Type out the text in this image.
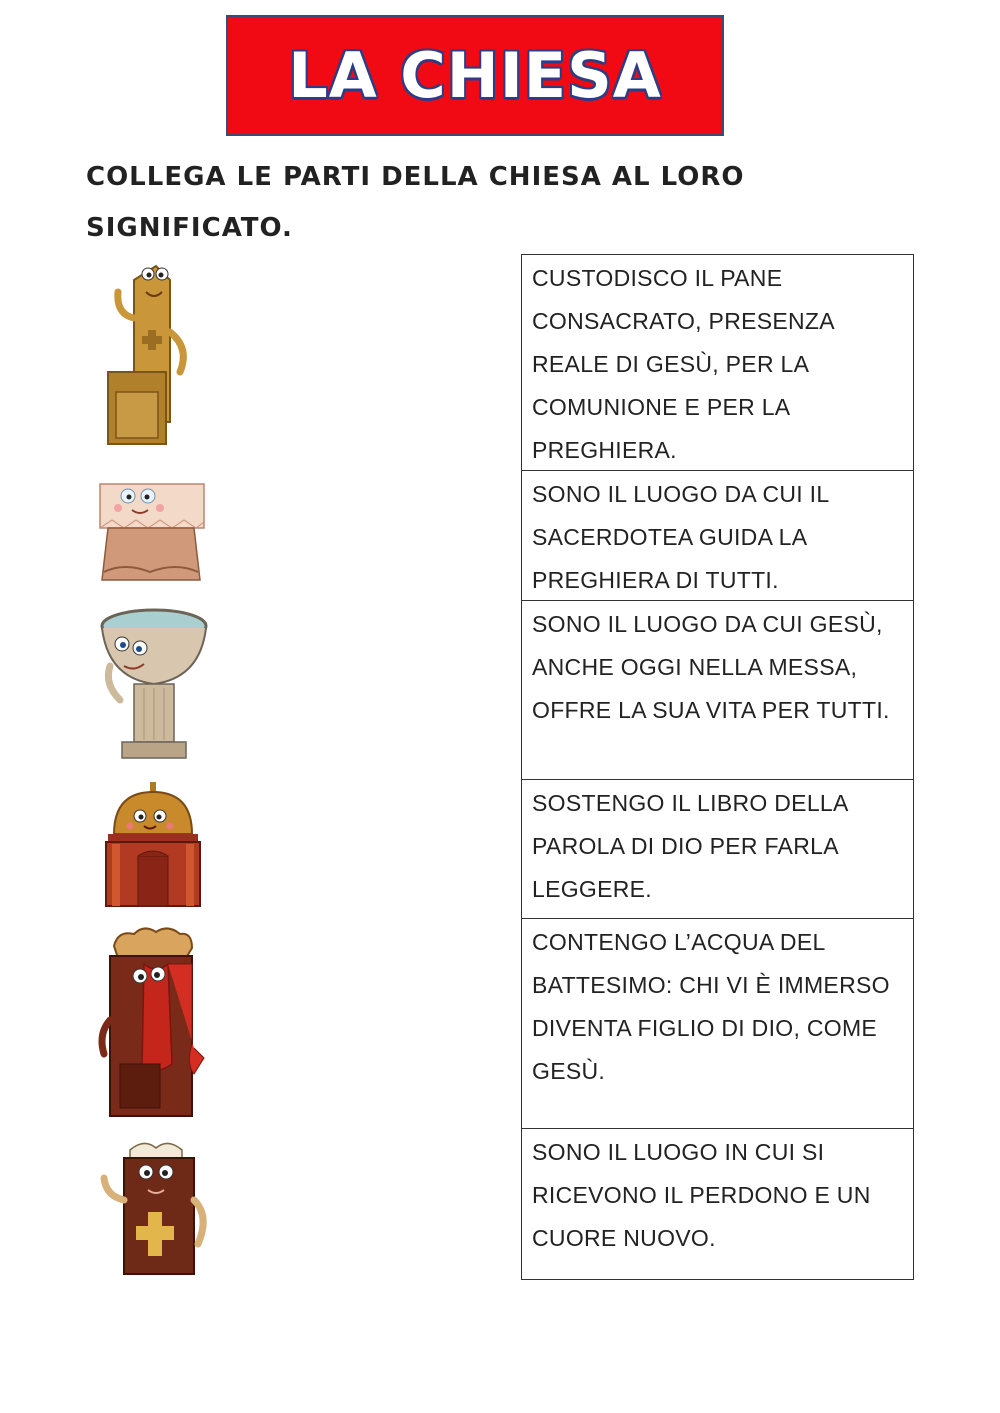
LA CHIESA
COLLEGA LE PARTI DELLA CHIESA AL LORO SIGNIFICATO.
CUSTODISCO IL PANE CONSACRATO, PRESENZA REALE DI GESÙ, PER LA COMUNIONE E PER LA PREGHIERA.
SONO IL LUOGO DA CUI IL SACERDOTEA GUIDA LA PREGHIERA DI TUTTI.
SONO IL LUOGO DA CUI GESÙ, ANCHE OGGI NELLA MESSA, OFFRE LA SUA VITA PER TUTTI.
SOSTENGO IL LIBRO DELLA PAROLA DI DIO PER FARLA LEGGERE.
CONTENGO L’ACQUA DEL BATTESIMO: CHI VI È IMMERSO DIVENTA FIGLIO DI DIO, COME GESÙ.
SONO IL LUOGO IN CUI SI RICEVONO IL PERDONO E UN CUORE NUOVO.
